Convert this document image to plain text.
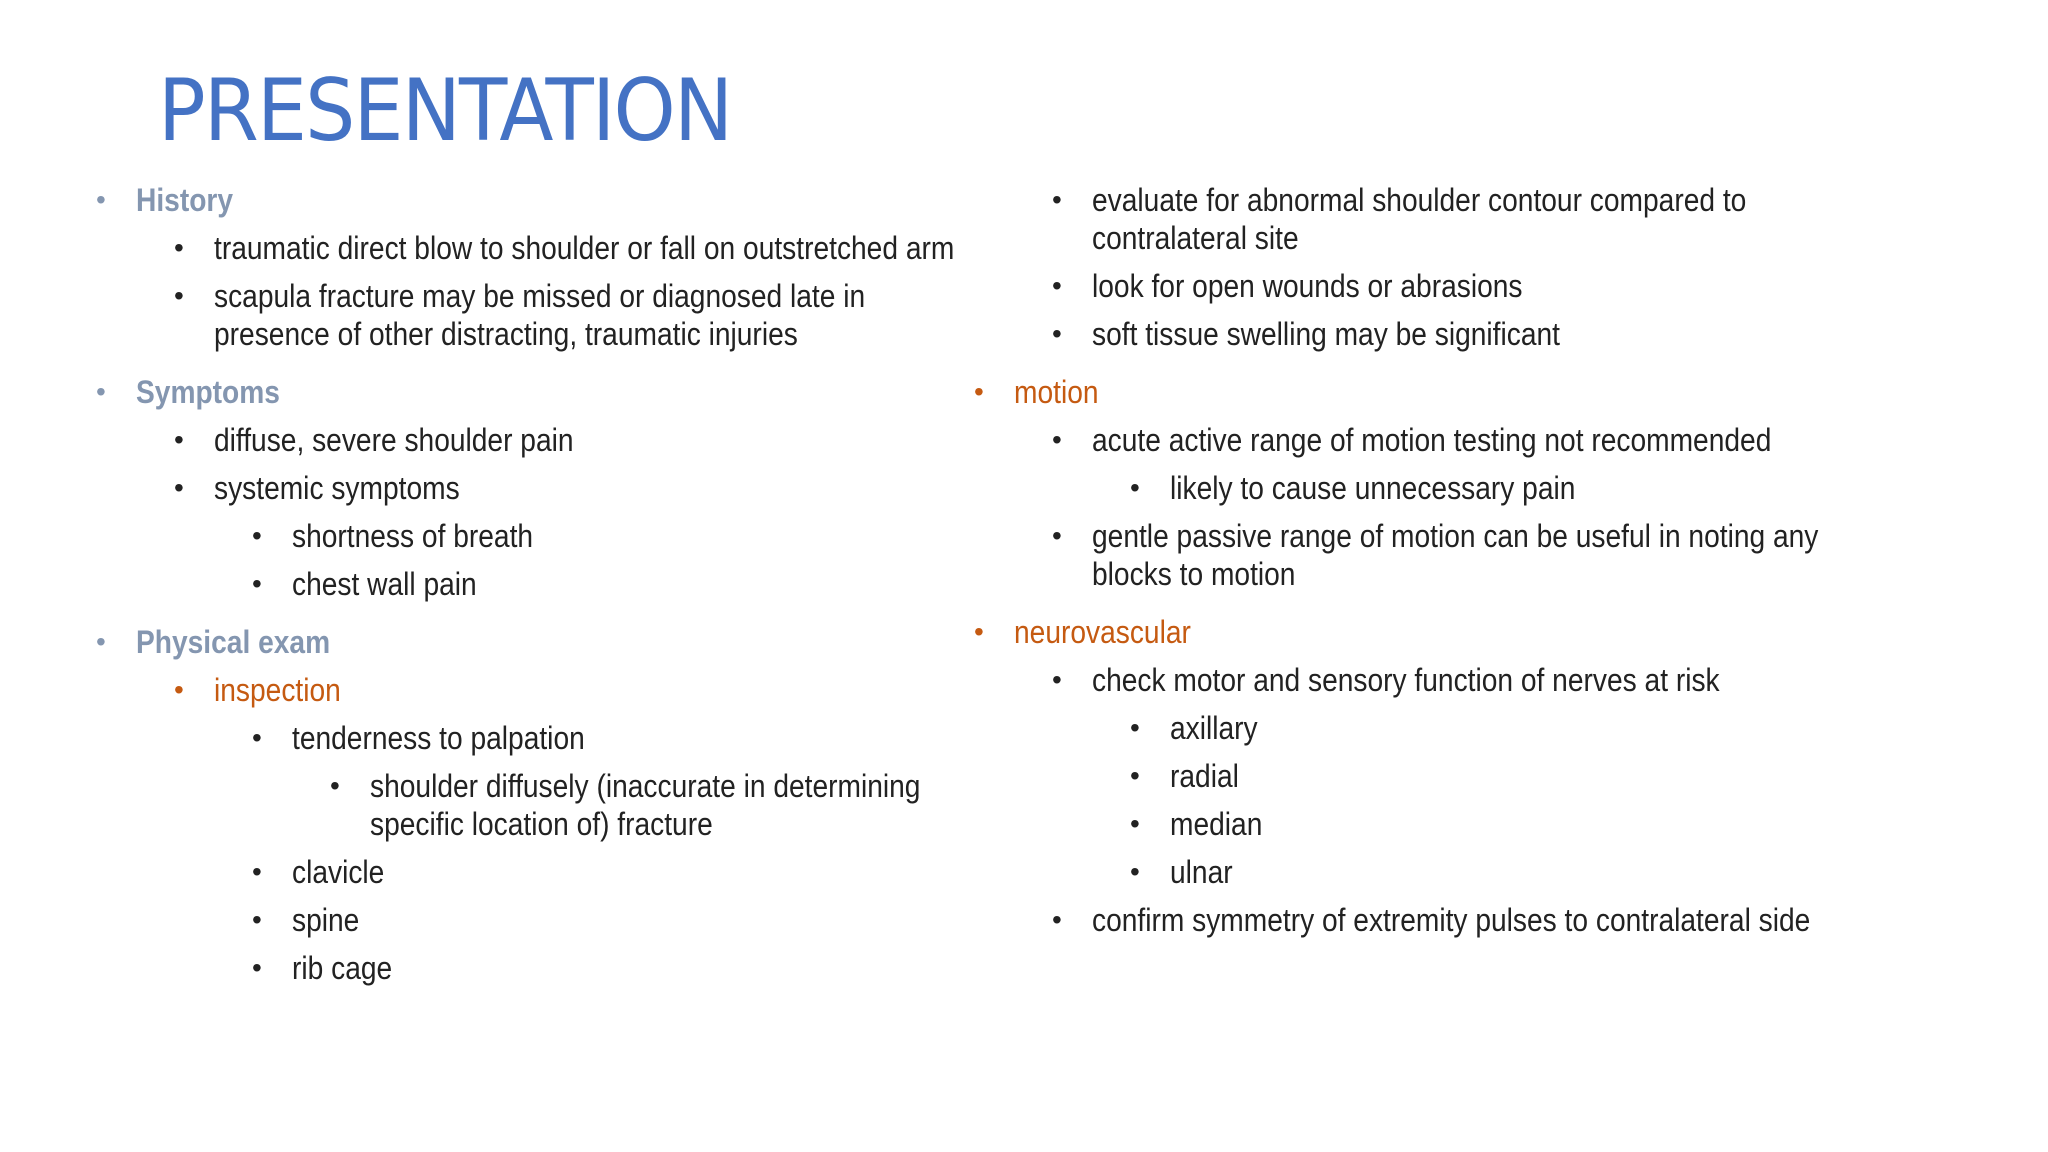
PRESENTATION
• History
• traumatic direct blow to shoulder or fall on outstretched arm
• scapula fracture may be missed or diagnosed late in
presence of other distracting, traumatic injuries
• Symptoms
• diffuse, severe shoulder pain
• systemic symptoms
• shortness of breath
• chest wall pain
• Physical exam
• inspection
• tenderness to palpation
• shoulder diffusely (inaccurate in determining
specific location of) fracture
• clavicle
• spine
• rib cage
• evaluate for abnormal shoulder contour compared to
contralateral site
• look for open wounds or abrasions
• soft tissue swelling may be significant
• motion
• acute active range of motion testing not recommended
• likely to cause unnecessary pain
• gentle passive range of motion can be useful in noting any
blocks to motion
• neurovascular
• check motor and sensory function of nerves at risk
• axillary
• radial
• median
• ulnar
• confirm symmetry of extremity pulses to contralateral side
